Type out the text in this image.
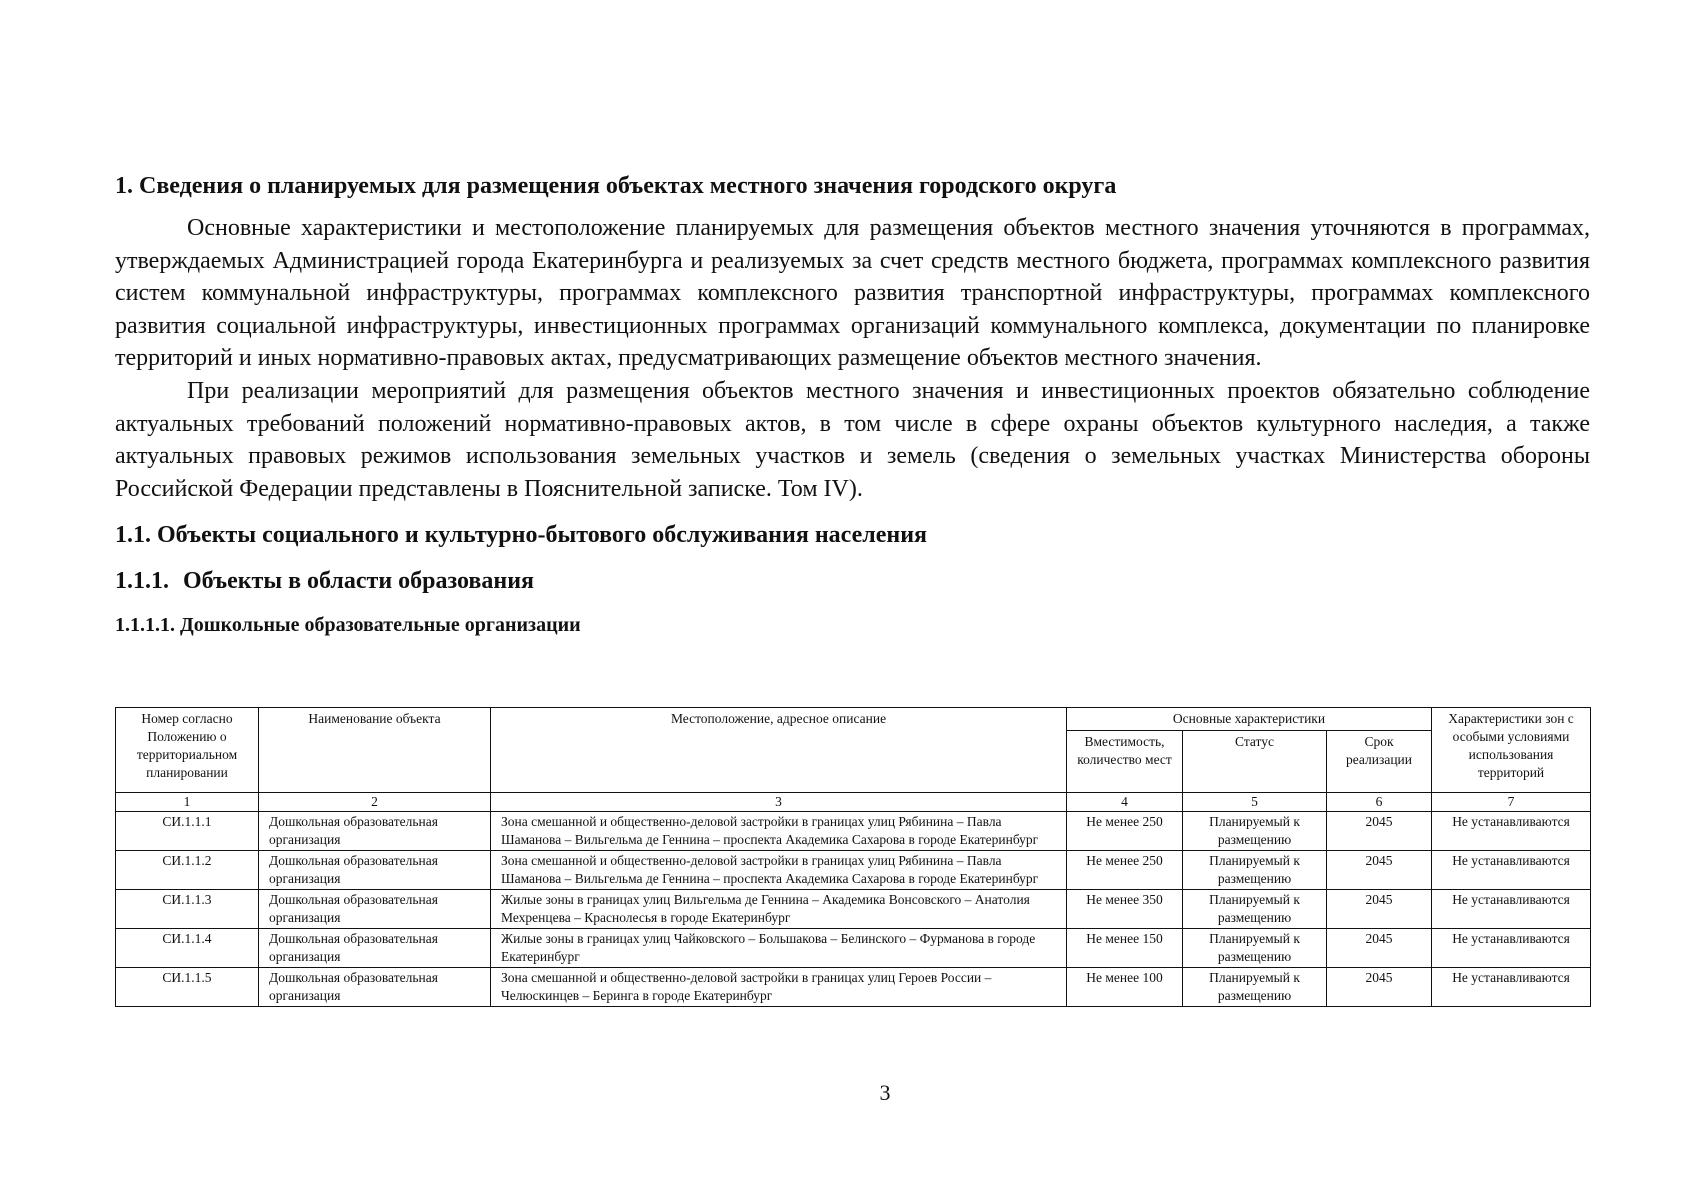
1. Сведения о планируемых для размещения объектах местного значения городского округа

Основные характеристики и местоположение планируемых для размещения объектов местного значения уточняются в программах, утверждаемых Администрацией города Екатеринбурга и реализуемых за счет средств местного бюджета, программах комплексного развития систем коммунальной инфраструктуры, программах комплексного развития транспортной инфраструктуры, программах комплексного развития социальной инфраструктуры, инвестиционных программах организаций коммунального комплекса, документации по планировке территорий и иных нормативно-правовых актах, предусматривающих размещение объектов местного значения.

При реализации мероприятий для размещения объектов местного значения и инвестиционных проектов обязательно соблюдение актуальных требований положений нормативно-правовых актов, в том числе в сфере охраны объектов культурного наследия, а также актуальных правовых режимов использования земельных участков и земель (сведения о земельных участках Министерства обороны Российской Федерации представлены в Пояснительной записке. Том IV).

1.1. Объекты социального и культурно-бытового обслуживания населения
1.1.1. Объекты в области образования
1.1.1.1. Дошкольные образовательные организации
Номер согласно Положению о территориальном планировании	Наименование объекта	Местоположение, адресное описание	Основные характеристики			Характеристики зон с особыми условиями использования территорий
			Вместимость, количество мест	Статус	Срок реализации	
1	2	3	4	5	6	7
СИ.1.1.1	Дошкольная образовательная организация	Зона смешанной и общественно-деловой застройки в границах улиц Рябинина – Павла Шаманова – Вильгельма де Геннина – проспекта Академика Сахарова в городе Екатеринбург	Не менее 250	Планируемый к размещению	2045	Не устанавливаются
СИ.1.1.2	Дошкольная образовательная организация	Зона смешанной и общественно-деловой застройки в границах улиц Рябинина – Павла Шаманова – Вильгельма де Геннина – проспекта Академика Сахарова в городе Екатеринбург	Не менее 250	Планируемый к размещению	2045	Не устанавливаются
СИ.1.1.3	Дошкольная образовательная организация	Жилые зоны в границах улиц Вильгельма де Геннина – Академика Вонсовского – Анатолия Мехренцева – Краснолесья в городе Екатеринбург	Не менее 350	Планируемый к размещению	2045	Не устанавливаются
СИ.1.1.4	Дошкольная образовательная организация	Жилые зоны в границах улиц Чайковского – Большакова – Белинского – Фурманова в городе Екатеринбург	Не менее 150	Планируемый к размещению	2045	Не устанавливаются
СИ.1.1.5	Дошкольная образовательная организация	Зона смешанной и общественно-деловой застройки в границах улиц Героев России – Челюскинцев – Беринга в городе Екатеринбург	Не менее 100	Планируемый к размещению	2045	Не устанавливаются
3
